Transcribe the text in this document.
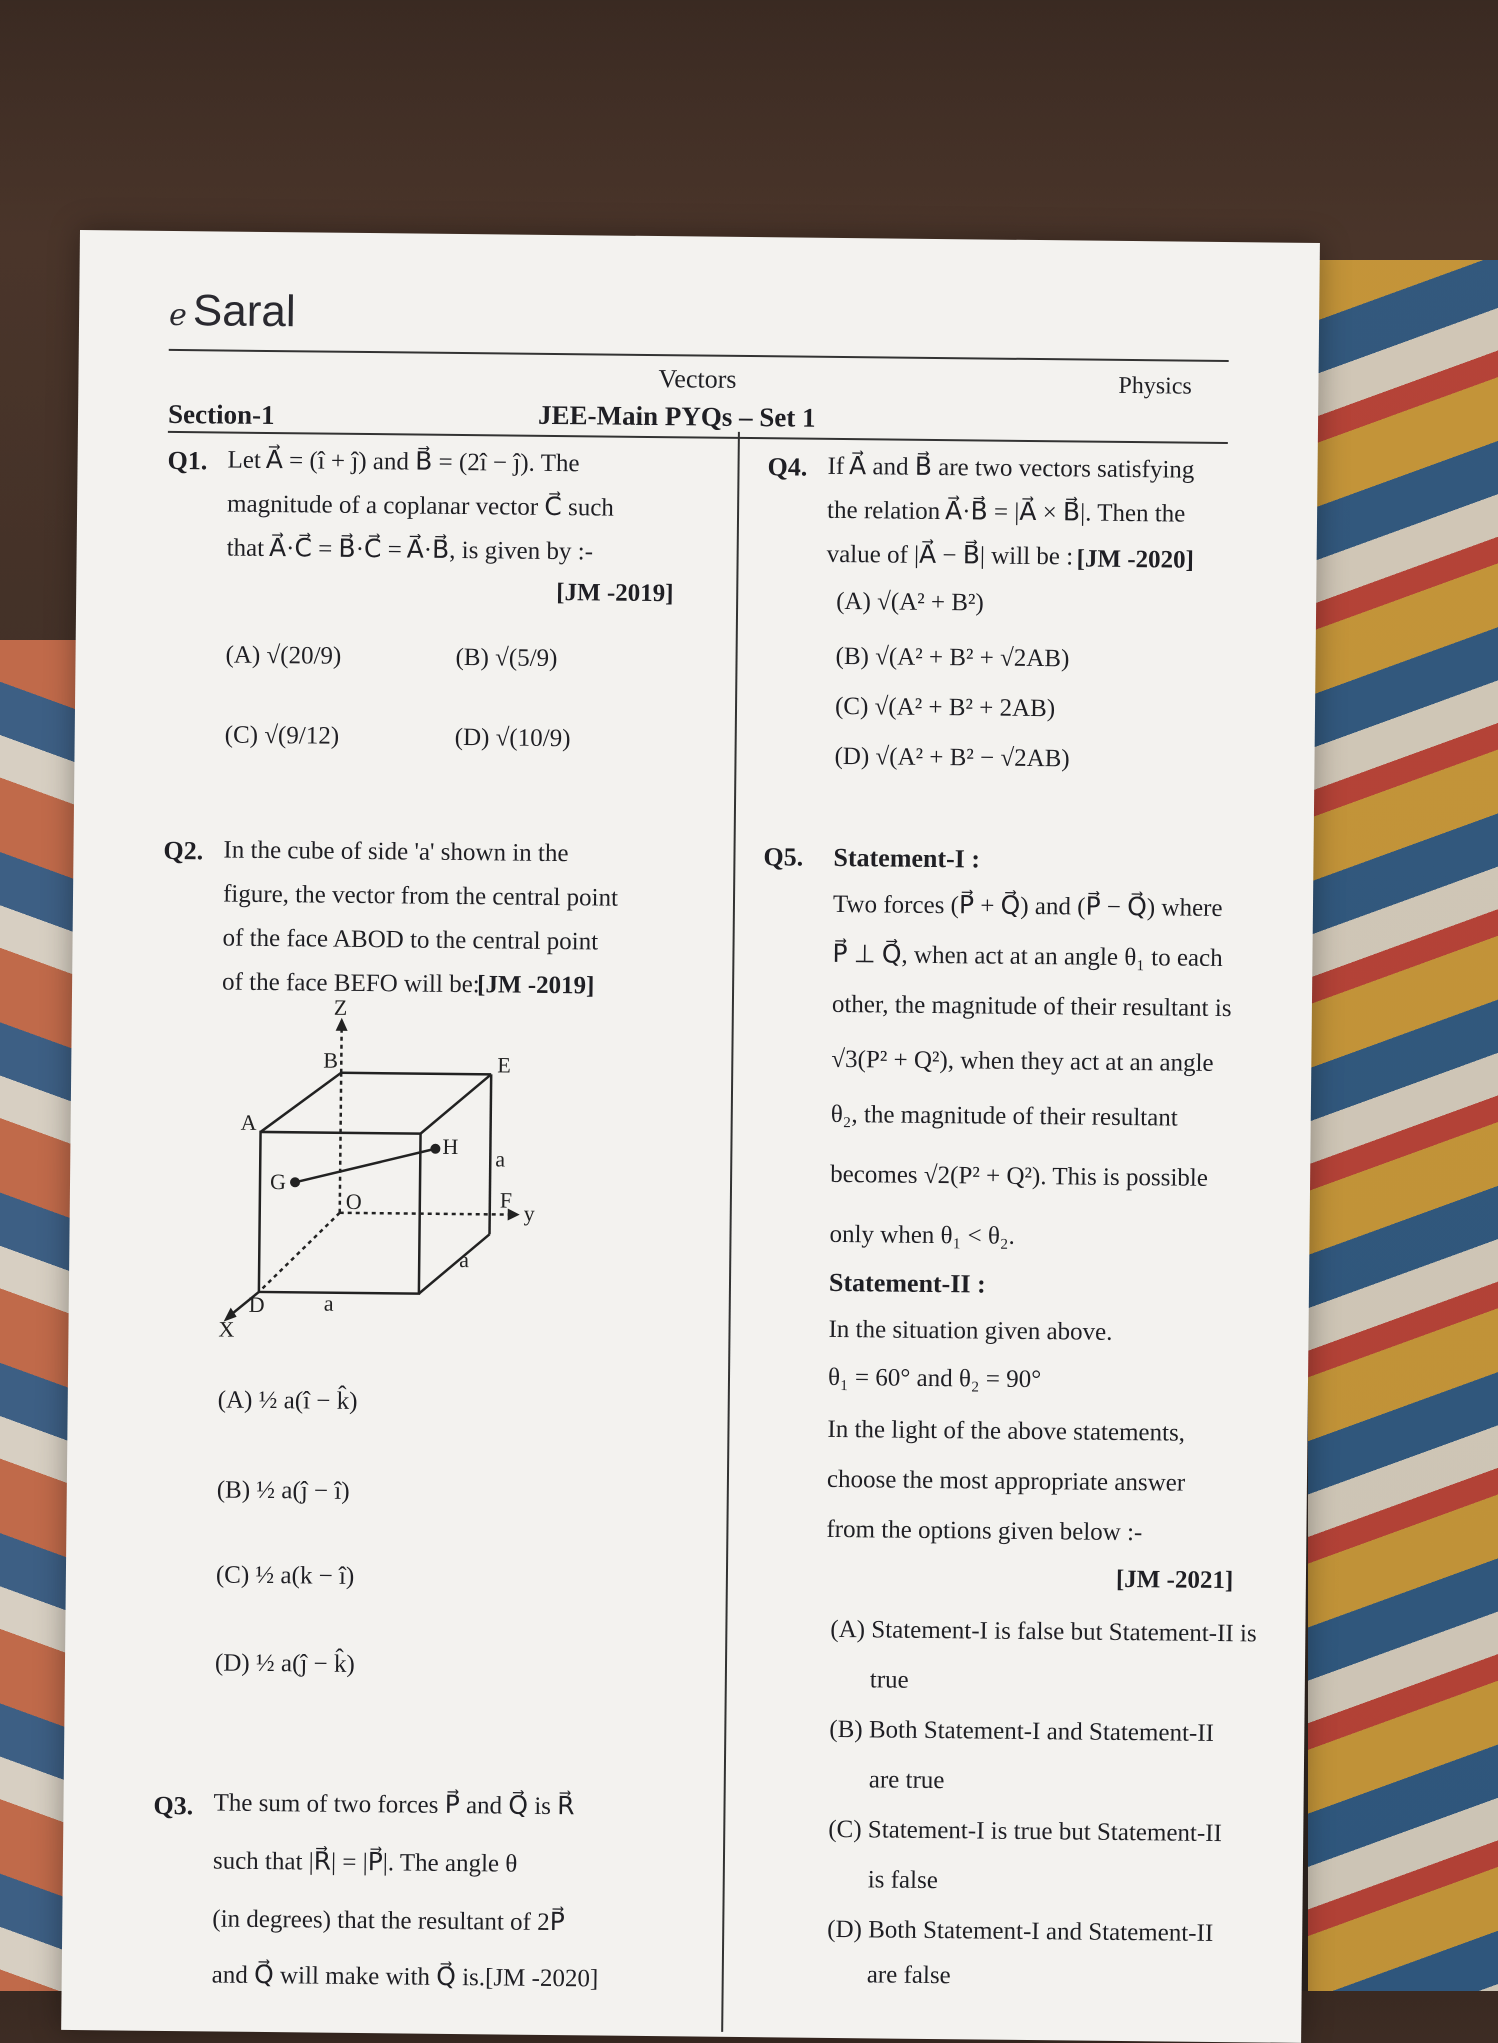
ℯ Saral
Vectors	Physics
Section-1	JEE-Main PYQs – Set 1
Q1. Let A⃗ = (î + ĵ) and B⃗ = (2î − ĵ). The
magnitude of a coplanar vector C⃗ such
that A⃗·C⃗ = B⃗·C⃗ = A⃗·B⃗, is given by :-
[JM -2019]
(A) √(20/9)	(B) √(5/9)
(C) √(9/12)	(D) √(10/9)
Q2. In the cube of side 'a' shown in the
figure, the vector from the central point
of the face ABOD to the central point
of the face BEFO will be:
[JM -2019]
Z
B	E
A
H
G
a
O	F
y
a
a
D
X
(A) ½ a(î − k̂)
(B) ½ a(ĵ − î)
(C) ½ a(k − î)
(D) ½ a(ĵ − k̂)
Q3. The sum of two forces P⃗ and Q⃗ is R⃗
such that |R⃗| = |P⃗|. The angle θ
(in degrees) that the resultant of 2P⃗
and Q⃗ will make with Q⃗ is.[JM -2020]
Q4. If A⃗ and B⃗ are two vectors satisfying
the relation A⃗·B⃗ = |A⃗ × B⃗|. Then the
value of |A⃗ − B⃗| will be : [JM -2020]
(A) √(A² + B²)
(B) √(A² + B² + √2AB)
(C) √(A² + B² + 2AB)
(D) √(A² + B² − √2AB)
Q5. Statement-I :
Two forces (P⃗ + Q⃗) and (P⃗ − Q⃗) where
P⃗ ⊥ Q⃗, when act at an angle θ₁ to each
other, the magnitude of their resultant is
√3(P² + Q²), when they act at an angle
θ₂, the magnitude of their resultant
becomes √2(P² + Q²). This is possible
only when θ₁ < θ₂.
Statement-II :
In the situation given above.
θ₁ = 60° and θ₂ = 90°
In the light of the above statements,
choose the most appropriate answer
from the options given below :-
[JM -2021]
(A) Statement-I is false but Statement-II is
true
(B) Both Statement-I and Statement-II
are true
(C) Statement-I is true but Statement-II
is false
(D) Both Statement-I and Statement-II
are false
